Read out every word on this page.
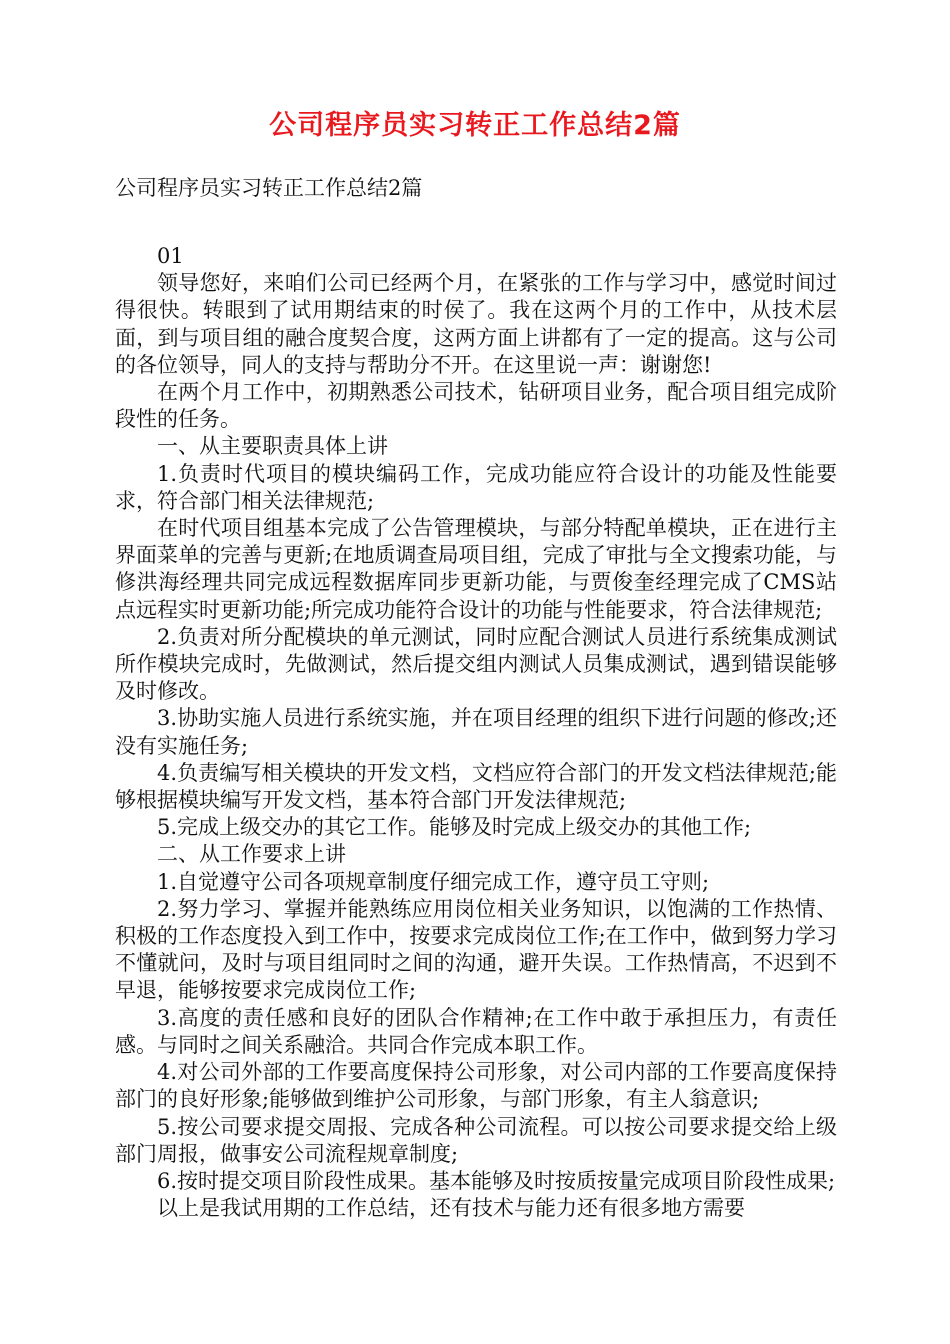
公司程序员实习转正工作总结2篇
公司程序员实习转正工作总结2篇

01

领导您好，来咱们公司已经两个月，在紧张的工作与学习中，感觉时间过得很快。转眼到了试用期结束的时侯了。我在这两个月的工作中，从技术层面，到与项目组的融合度契合度，这两方面上讲都有了一定的提高。这与公司的各位领导，同人的支持与帮助分不开。在这里说一声：谢谢您!

在两个月工作中，初期熟悉公司技术，钻研项目业务，配合项目组完成阶段性的任务。

一、从主要职责具体上讲

1.负责时代项目的模块编码工作，完成功能应符合设计的功能及性能要求，符合部门相关法律规范;

在时代项目组基本完成了公告管理模块，与部分特配单模块，正在进行主界面菜单的完善与更新;在地质调查局项目组，完成了审批与全文搜索功能，与修洪海经理共同完成远程数据库同步更新功能，与贾俊奎经理完成了CMS站点远程实时更新功能;所完成功能符合设计的功能与性能要求，符合法律规范;

2.负责对所分配模块的单元测试，同时应配合测试人员进行系统集成测试所作模块完成时，先做测试，然后提交组内测试人员集成测试，遇到错误能够及时修改。

3.协助实施人员进行系统实施，并在项目经理的组织下进行问题的修改;还没有实施任务;

4.负责编写相关模块的开发文档，文档应符合部门的开发文档法律规范;能够根据模块编写开发文档，基本符合部门开发法律规范;

5.完成上级交办的其它工作。能够及时完成上级交办的其他工作;

二、从工作要求上讲

1.自觉遵守公司各项规章制度仔细完成工作，遵守员工守则;

2.努力学习、掌握并能熟练应用岗位相关业务知识，以饱满的工作热情、积极的工作态度投入到工作中，按要求完成岗位工作;在工作中，做到努力学习不懂就问，及时与项目组同时之间的沟通，避开失误。工作热情高，不迟到不早退，能够按要求完成岗位工作;

3.高度的责任感和良好的团队合作精神;在工作中敢于承担压力，有责任感。与同时之间关系融洽。共同合作完成本职工作。

4.对公司外部的工作要高度保持公司形象，对公司内部的工作要高度保持部门的良好形象;能够做到维护公司形象，与部门形象，有主人翁意识;

5.按公司要求提交周报、完成各种公司流程。可以按公司要求提交给上级部门周报，做事安公司流程规章制度;

6.按时提交项目阶段性成果。基本能够及时按质按量完成项目阶段性成果;

以上是我试用期的工作总结，还有技术与能力还有很多地方需要
